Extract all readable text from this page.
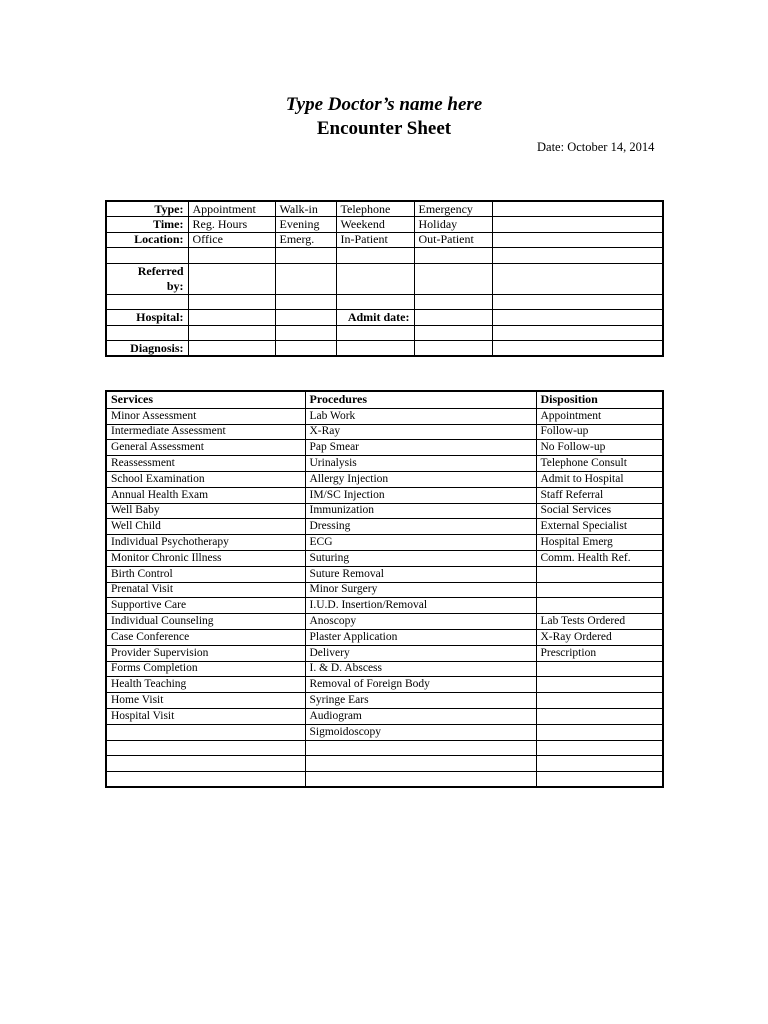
Type Doctor’s name here
Encounter Sheet
Date: October 14, 2014
Type:	Appointment	Walk-in	Telephone	Emergency	
Time:	Reg. Hours	Evening	Weekend	Holiday	
Location:	Office	Emerg.	In-Patient	Out-Patient	

Referred
by:					

Hospital:			Admit date:		

Diagnosis:					
Services	Procedures	Disposition
Minor Assessment	Lab Work	Appointment
Intermediate Assessment	X-Ray	Follow-up
General Assessment	Pap Smear	No Follow-up
Reassessment	Urinalysis	Telephone Consult
School Examination	Allergy Injection	Admit to Hospital
Annual Health Exam	IM/SC Injection	Staff Referral
Well Baby	Immunization	Social Services
Well Child	Dressing	External Specialist
Individual Psychotherapy	ECG	Hospital Emerg
Monitor Chronic Illness	Suturing	Comm. Health Ref.
Birth Control	Suture Removal	
Prenatal Visit	Minor Surgery	
Supportive Care	I.U.D. Insertion/Removal	
Individual Counseling	Anoscopy	Lab Tests Ordered
Case Conference	Plaster Application	X-Ray Ordered
Provider Supervision	Delivery	Prescription
Forms Completion	I. & D. Abscess	
Health Teaching	Removal of Foreign Body	
Home Visit	Syringe Ears	
Hospital Visit	Audiogram	
	Sigmoidoscopy	
